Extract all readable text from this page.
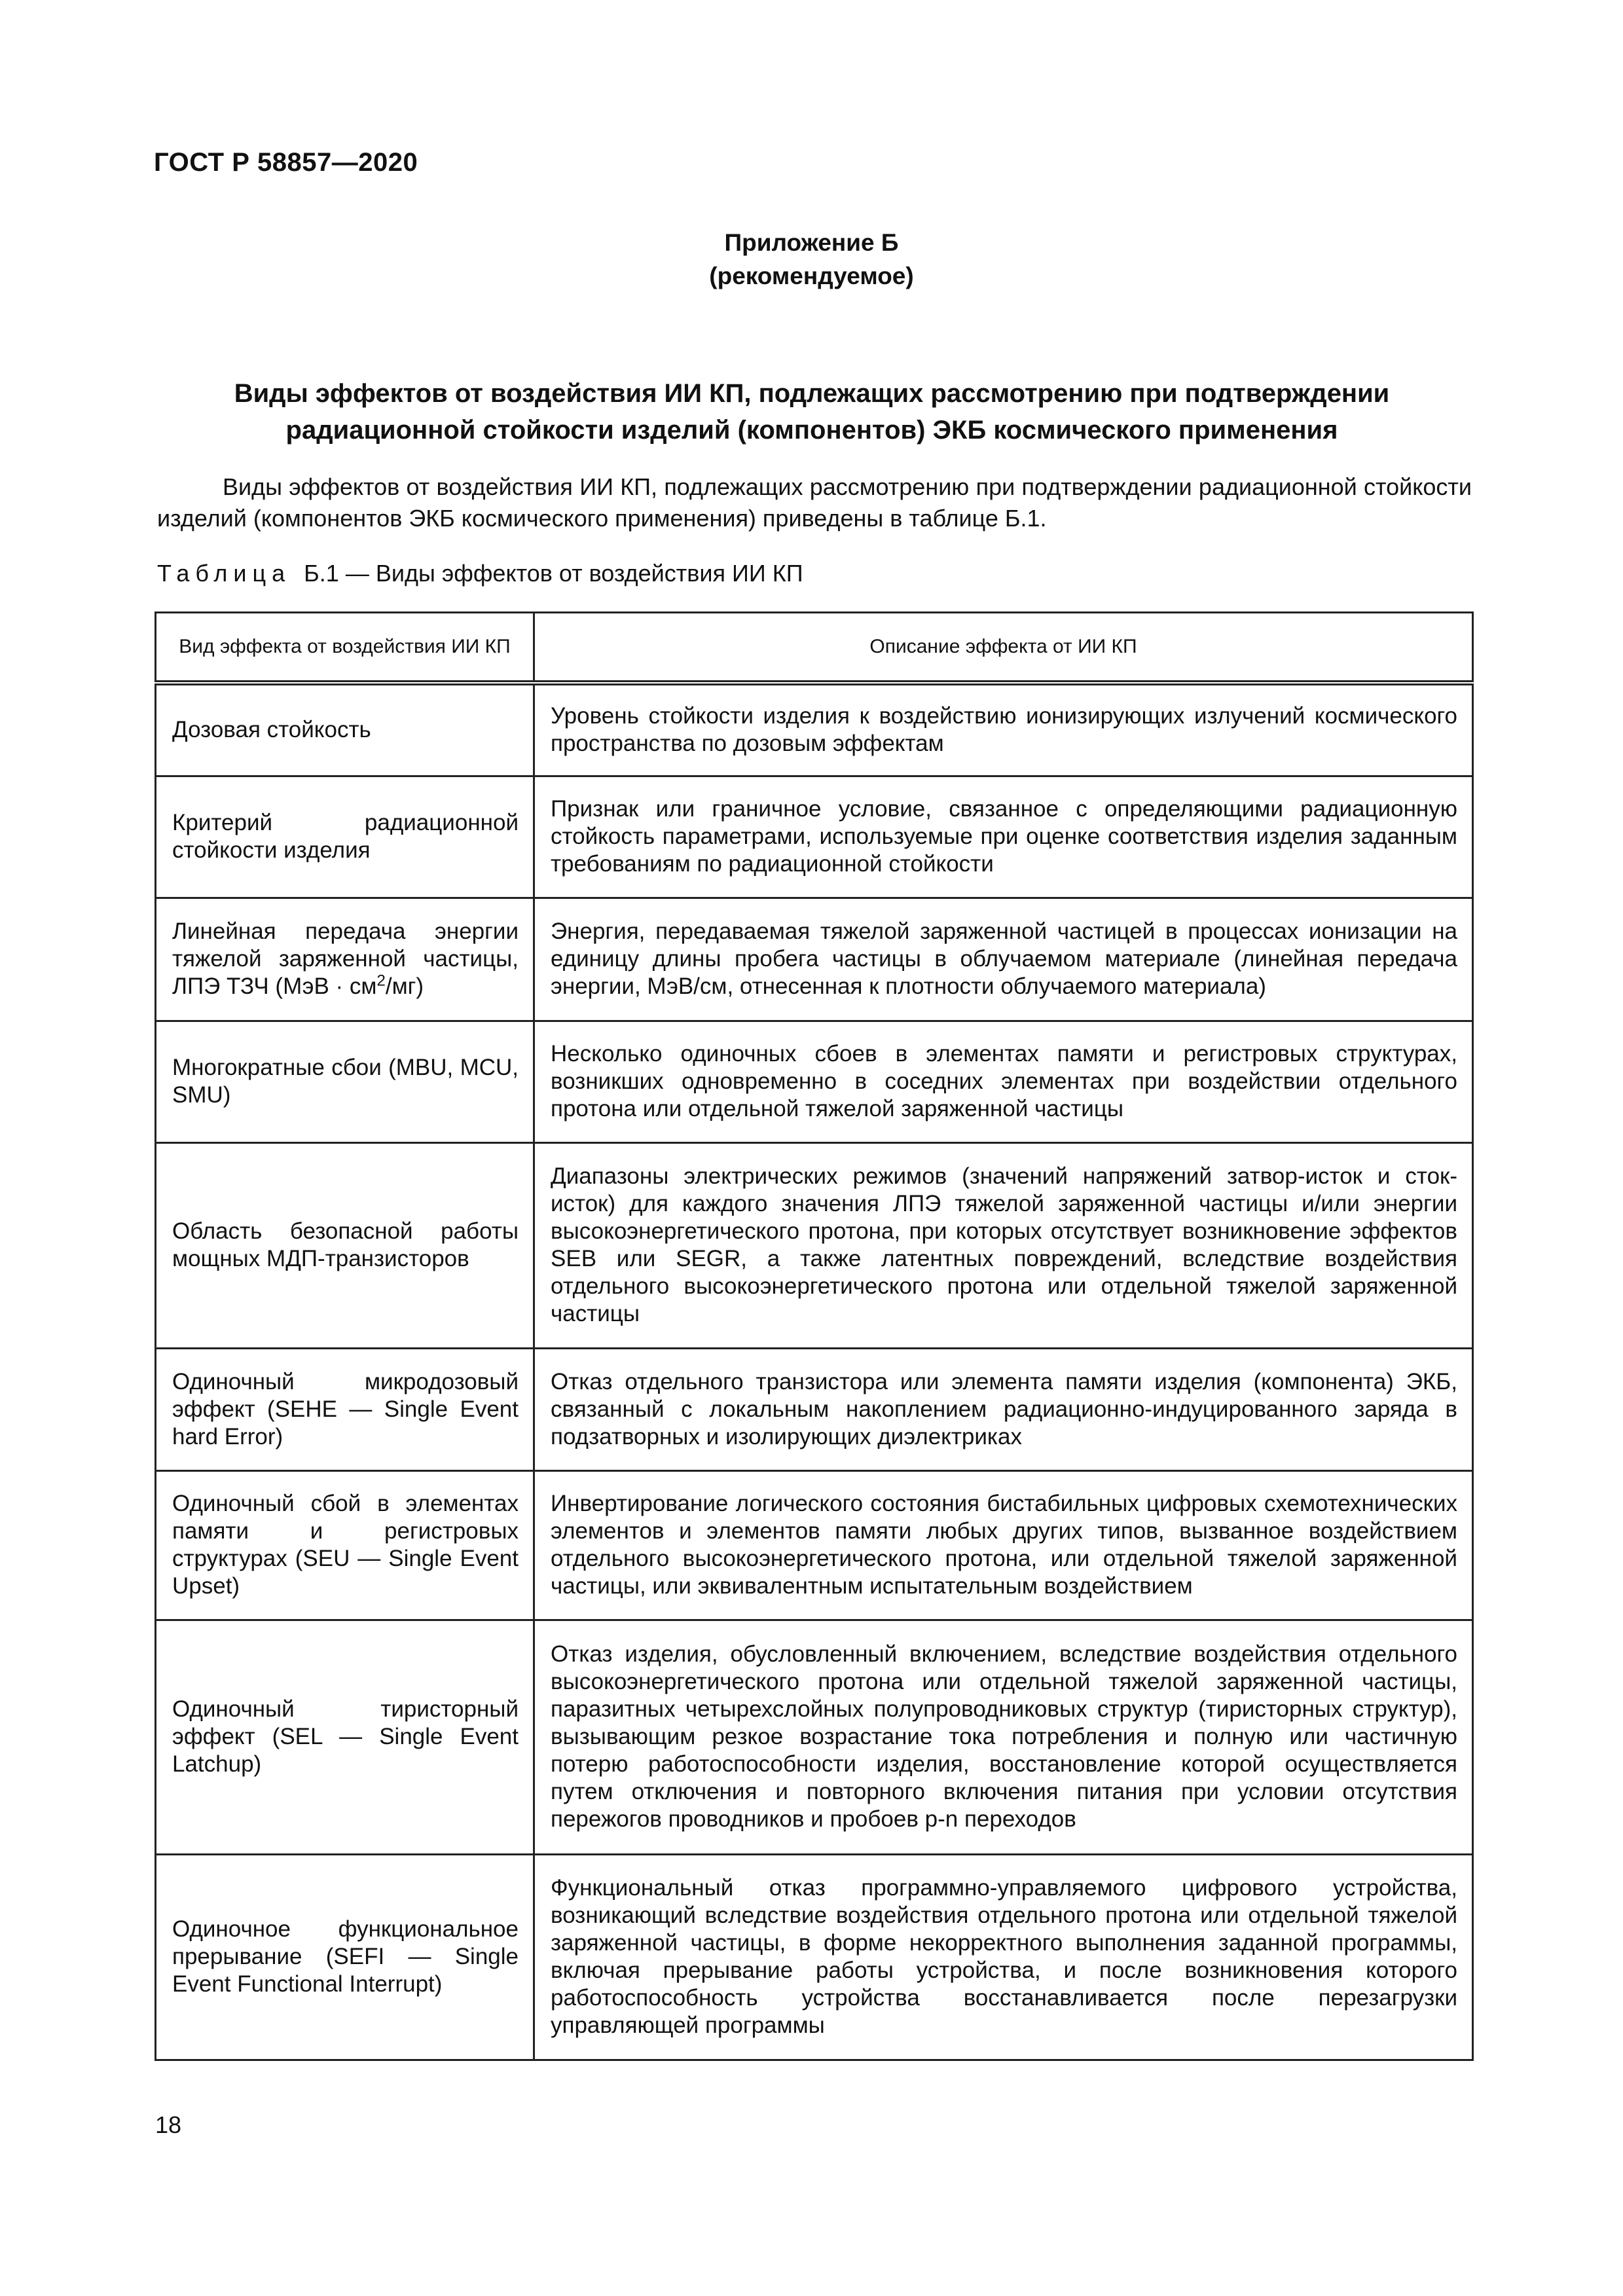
ГОСТ Р 58857—2020
Приложение Б
(рекомендуемое)
Виды эффектов от воздействия ИИ КП, подлежащих рассмотрению при подтверждении
радиационной стойкости изделий (компонентов) ЭКБ космического применения
Виды эффектов от воздействия ИИ КП, подлежащих рассмотрению при подтверждении радиационной стойкости изделий (компонентов ЭКБ космического применения) приведены в таблице Б.1.
Таблица Б.1 — Виды эффектов от воздействия ИИ КП
Вид эффекта от воздействия ИИ КП	Описание эффекта от ИИ КП
Дозовая стойкость	Уровень стойкости изделия к воздействию ионизирующих излучений космического пространства по дозовым эффектам
Критерий радиационной стойкости изделия	Признак или граничное условие, связанное с определяющими радиационную стойкость параметрами, используемые при оценке соответствия изделия заданным требованиям по радиационной стойкости
Линейная передача энергии тяжелой заряженной частицы, ЛПЭ ТЗЧ $(МэВ \cdot см^2/мг)$	Энергия, передаваемая тяжелой заряженной частицей в процессах ионизации на единицу длины пробега частицы в облучаемом материале (линейная передача энергии, МэВ/см, отнесенная к плотности облучаемого материала)
Многократные сбои (MBU, MCU, SMU)	Несколько одиночных сбоев в элементах памяти и регистровых структурах, возникших одновременно в соседних элементах при воздействии отдельного протона или отдельной тяжелой заряженной частицы
Область безопасной работы мощных МДП-транзисторов	Диапазоны электрических режимов (значений напряжений затвор-исток и сток-исток) для каждого значения ЛПЭ тяжелой заряженной частицы и/или энергии высокоэнергетического протона, при которых отсутствует возникновение эффектов SEB или SEGR, а также латентных повреждений, вследствие воздействия отдельного высокоэнергетического протона или отдельной тяжелой заряженной частицы
Одиночный микродозовый эффект (SEHE — Single Event hard Error)	Отказ отдельного транзистора или элемента памяти изделия (компонента) ЭКБ, связанный с локальным накоплением радиационно-индуцированного заряда в подзатворных и изолирующих диэлектриках
Одиночный сбой в элементах памяти и регистровых структурах (SEU — Single Event Upset)	Инвертирование логического состояния бистабильных цифровых схемотехнических элементов и элементов памяти любых других типов, вызванное воздействием отдельного высокоэнергетического протона, или отдельной тяжелой заряженной частицы, или эквивалентным испытательным воздействием
Одиночный тиристорный эффект (SEL — Single Event Latchup)	Отказ изделия, обусловленный включением, вследствие воздействия отдельного высокоэнергетического протона или отдельной тяжелой заряженной частицы, паразитных четырехслойных полупроводниковых структур (тиристорных структур), вызывающим резкое возрастание тока потребления и полную или частичную потерю работоспособности изделия, восстановление которой осуществляется путем отключения и повторного включения питания при условии отсутствия пережогов проводников и пробоев p-n переходов
Одиночное функциональное прерывание (SEFI — Single Event Functional Interrupt)	Функциональный отказ программно-управляемого цифрового устройства, возникающий вследствие воздействия отдельного протона или отдельной тяжелой заряженной частицы, в форме некорректного выполнения заданной программы, включая прерывание работы устройства, и после возникновения которого работоспособность устройства восстанавливается после перезагрузки управляющей программы
18
